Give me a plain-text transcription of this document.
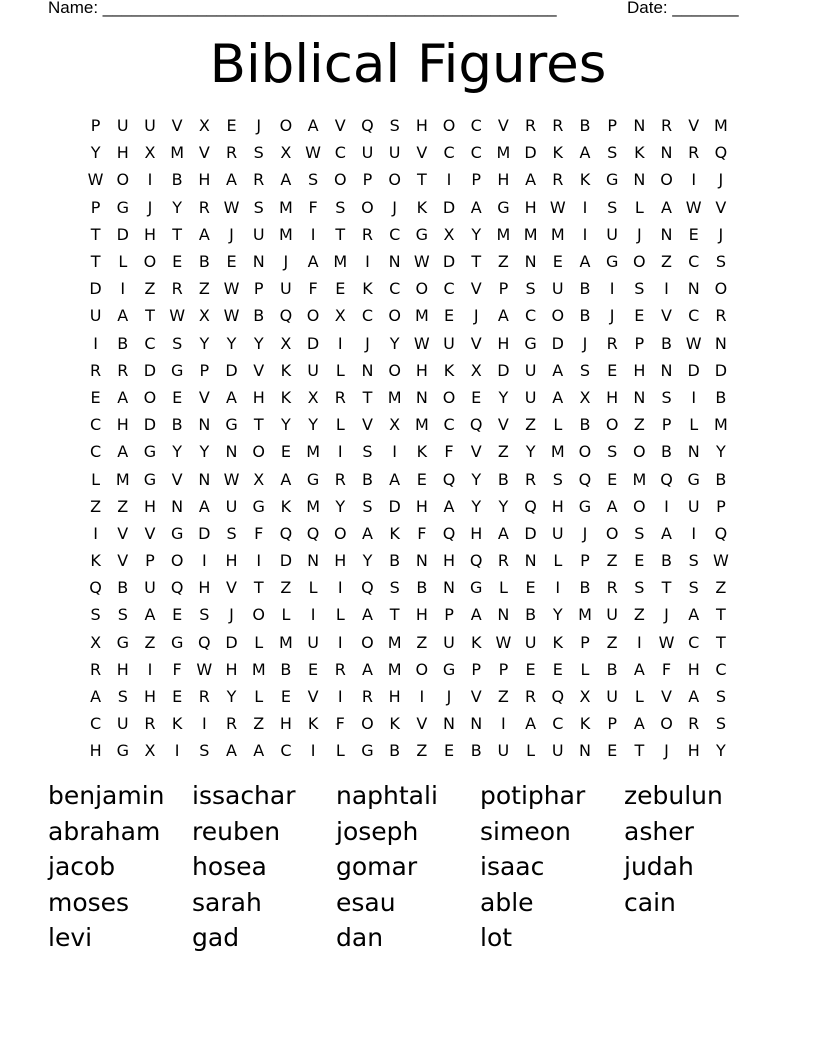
Name: ________________________________________________	Date: _______
Biblical Figures
P	U U V	X	E	J	O A	V Q S	H O C	V	R	R	B	P	N R	V M
Y	H X M V	R	S	X W C U U V	C	C M D K	A	S	K N R Q
W O	I	B H A	R	A	S O	P	O	T	I	P	H A	R	K G N O	I	J
P	G	J	Y	R W S M F	S O	J	K D A G H W	I	S	L	A W V
T	D H	T	A	J	U M	I	T	R	C G X	Y M M M	I	U	J	N	E	J
T	L	O E	B	E	N	J	A M	I	N W D	T	Z N	E	A G O Z	C	S
D	I	Z	R	Z W P	U	F	E	K	C O C	V	P	S	U B	I	S	I	N O
U A	T W X W B Q O X	C O M E	J	A	C O B	J	E	V	C	R
I	B	C	S	Y	Y	Y	X D	I	J	Y W U V H G D	J	R	P	B W N
R	R D G	P	D V	K	U	L	N O H K	X D U A	S	E	H N D D
E	A O E	V	A H K	X	R	T M N O E	Y	U A	X H N	S	I	B
C H D B N G	T	Y	Y	L	V	X M C Q V	Z	L	B O Z	P	L M
C	A G	Y	Y	N O E M	I	S	I	K	F	V	Z	Y M O S O B N	Y
L M G V N W X	A G R	B	A	E Q	Y	B	R	S Q E M Q G B
Z	Z H N A U G K M Y	S D H A	Y	Y	Q H G A O	I	U	P
I	V	V G D S	F	Q Q O A	K	F	Q H A D U	J	O S	A	I	Q
K	V	P	O	I	H	I	D N H	Y	B N H Q R N	L	P	Z	E	B	S W
Q B U Q H V	T	Z	L	I	Q S	B N G	L	E	I	B	R	S	T	S	Z
S	S	A	E	S	J	O	L	I	L	A	T	H	P	A N B	Y M U Z	J	A	T
X G Z G Q D	L M U	I	O M Z U	K W U	K	P	Z	I	W C	T
R H	I	F W H M B	E	R	A M O G	P	P	E	E	L	B	A	F	H C
A	S	H	E	R	Y	L	E	V	I	R H	I	J	V	Z	R Q X U	L	V	A	S
C U R	K	I	R	Z H K	F	O K	V N N	I	A	C	K	P	A O R	S
H G X	I	S	A	A	C	I	L	G B	Z	E	B U	L	U N	E	T	J	H	Y
benjamin	issachar	naphtali	potiphar	zebulun
abraham	reuben	joseph	simeon	asher
jacob	hosea	gomar	isaac	judah
moses	sarah	esau	able	cain
levi	gad	dan	lot
